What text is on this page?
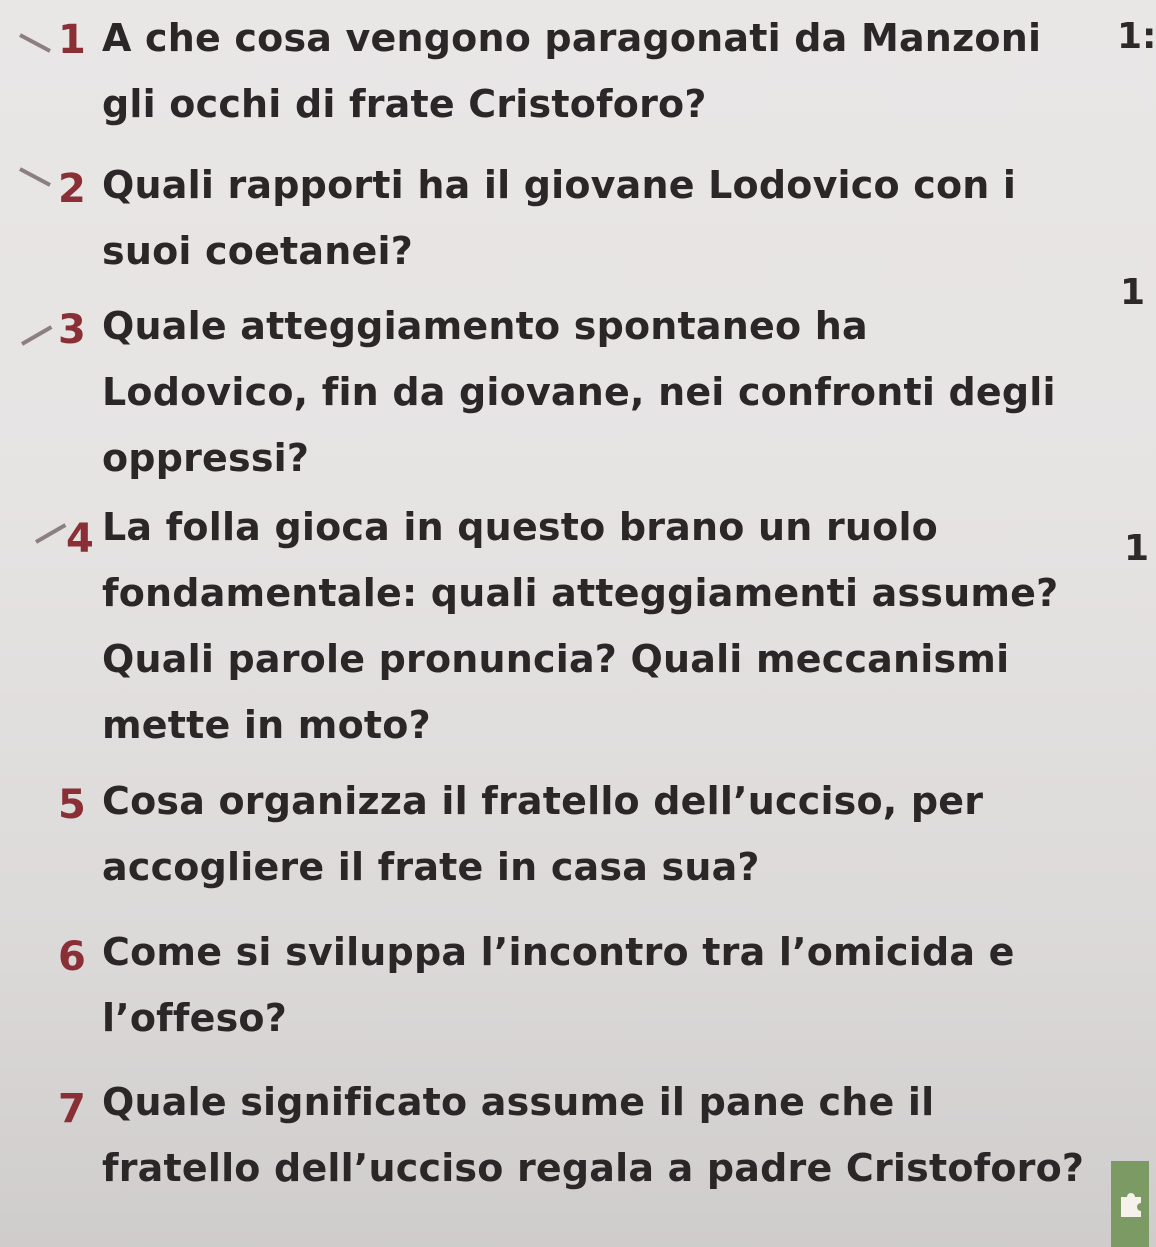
1 A che cosa vengono paragonati da Manzoni
gli occhi di frate Cristoforo?

2 Quali rapporti ha il giovane Lodovico con i
suoi coetanei?

3 Quale atteggiamento spontaneo ha
Lodovico, fin da giovane, nei confronti degli
oppressi?

4 La folla gioca in questo brano un ruolo
fondamentale: quali atteggiamenti assume?
Quali parole pronuncia? Quali meccanismi
mette in moto?

5 Cosa organizza il fratello dell’ucciso, per
accogliere il frate in casa sua?

6 Come si sviluppa l’incontro tra l’omicida e
l’offeso?

7 Quale significato assume il pane che il
fratello dell’ucciso regala a padre Cristoforo?

1:
1
1
